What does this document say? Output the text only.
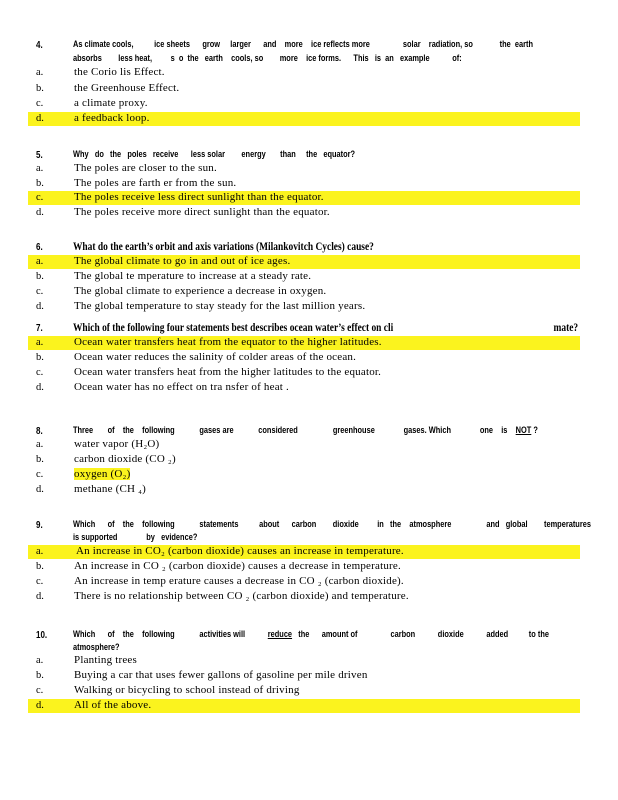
4.	As climate cools,          ice sheets      grow     larger      and    more    ice reflects more                solar    radiation, so             the  earth
absorbs        less heat,         s  o  the   earth    cools, so        more    ice forms.      This   is  an   example           of:
a.	the Corio lis Effect.
b.	the Greenhouse Effect.
c.	a climate proxy.
d.	a feedback loop.
5.	Why   do   the   poles   receive      less solar        energy       than     the   equator?
a.	The poles are closer to the sun.
b.	The poles are farth er from the sun.
c.	The poles receive less direct sunlight than the equator.
d.	The poles receive more direct sunlight than the equator.
6.	What do the earth’s orbit and axis variations (Milankovitch Cycles) cause?
a.	The global climate to go in and out of ice ages.
b.	The global te mperature to increase at a steady rate.
c.	The global climate to experience a decrease in oxygen.
d.	The global temperature to stay steady for the last million years.
7.	Which of the following four statements best describes ocean water’s effect on cli                                                                    mate?
a.	Ocean water transfers heat from the equator to the higher latitudes.
b.	Ocean water reduces the salinity of colder areas of the ocean.
c.	Ocean water transfers heat from the higher latitudes to the equator.
d.	Ocean water has no effect on tra nsfer of heat .
8.	Three       of    the    following            gases are            considered                 greenhouse              gases. Which              one    is NOT ?
a.	water vapor (H₂O)
b.	carbon dioxide (CO ₂)
c.	oxygen (O₂)
d.	methane (CH ₄)
9.	Which      of    the    following            statements          about      carbon        dioxide         in   the    atmosphere                 and   global        temperatures
is supported              by   evidence?
a.	An increase in CO₂ (carbon dioxide) causes an increase in temperature.
b.	An increase in CO ₂ (carbon dioxide) causes a decrease in temperature.
c.	An increase in temp erature causes a decrease in CO ₂ (carbon dioxide).
d.	There is no relationship between CO ₂ (carbon dioxide) and temperature.
10.	Which      of    the    following            activities will reduce   the      amount of                carbon           dioxide           added          to the
atmosphere?
a.	Planting trees
b.	Buying a car that uses fewer gallons of gasoline per mile driven
c.	Walking or bicycling to school instead of driving
d.	All of the above.
